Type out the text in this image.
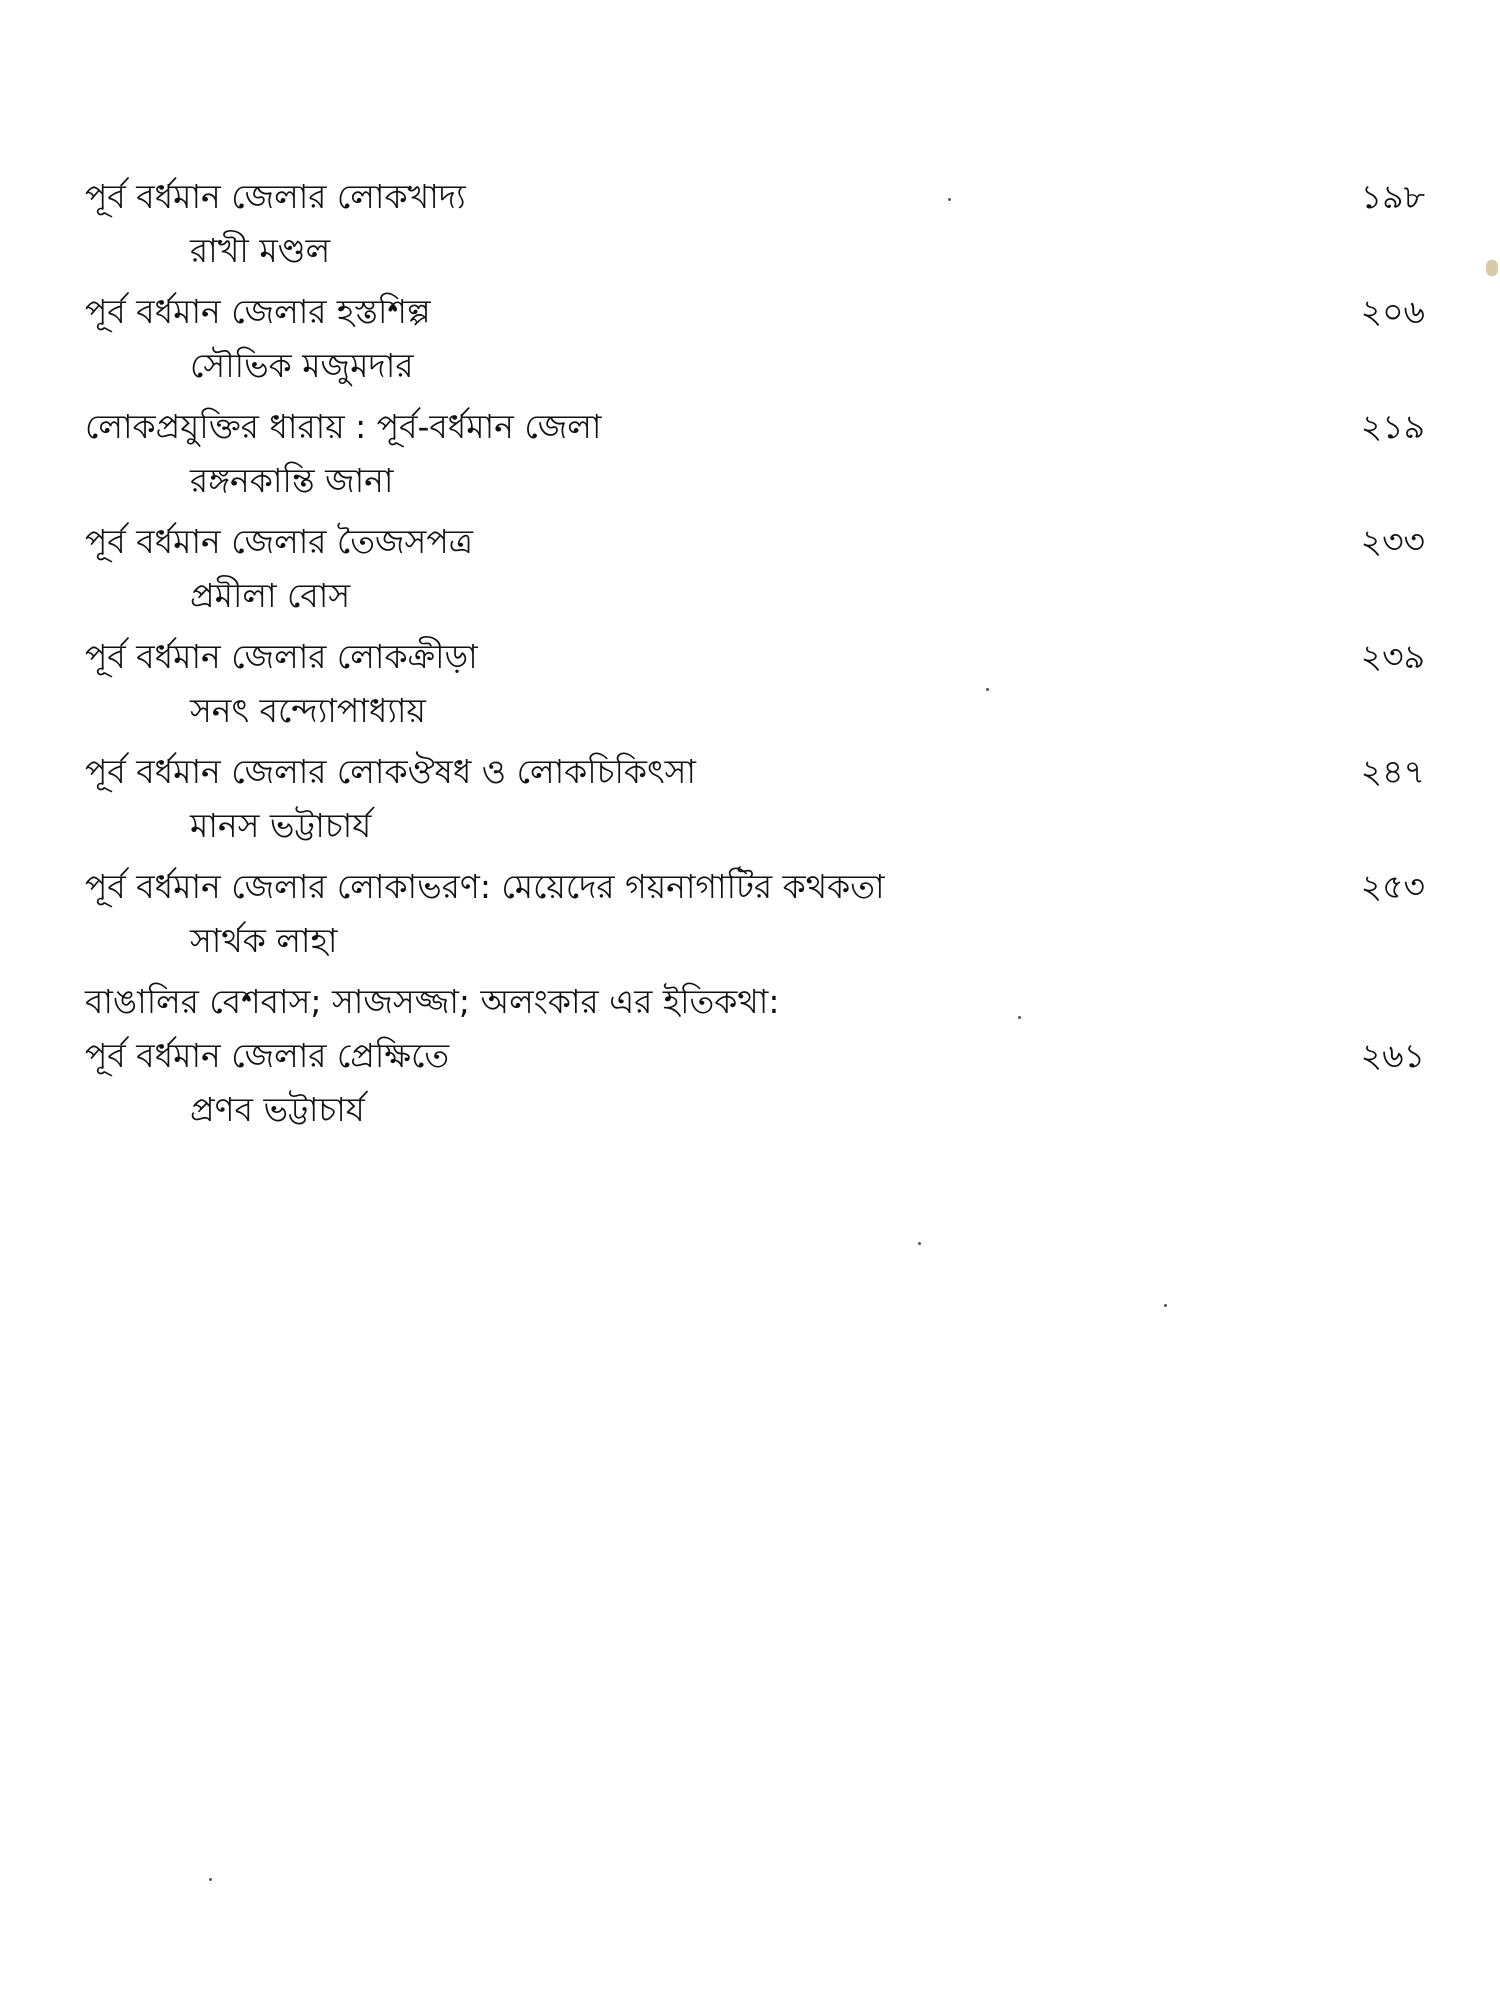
১৯৮
পূর্ব বর্ধমান জেলার লোকখাদ্য
রাখী মণ্ডল
২০৬
পূর্ব বর্ধমান জেলার হস্তশিল্প
সৌভিক মজুমদার
২১৯
লোকপ্রযুক্তির ধারায় : পূর্ব-বর্ধমান জেলা
রঙ্গনকান্তি জানা
২৩৩
পূর্ব বর্ধমান জেলার তৈজসপত্র
প্রমীলা বোস
২৩৯
পূর্ব বর্ধমান জেলার লোকক্রীড়া
সনৎ বন্দ্যোপাধ্যায়
২৪৭
পূর্ব বর্ধমান জেলার লোকঔষধ ও লোকচিকিৎসা
মানস ভট্টাচার্য
২৫৩
পূর্ব বর্ধমান জেলার লোকাভরণ: মেয়েদের গয়নাগাটির কথকতা
সার্থক লাহা
২৬১
বাঙালির বেশবাস; সাজসজ্জা; অলংকার এর ইতিকথা:
পূর্ব বর্ধমান জেলার প্রেক্ষিতে
প্রণব ভট্টাচার্য
